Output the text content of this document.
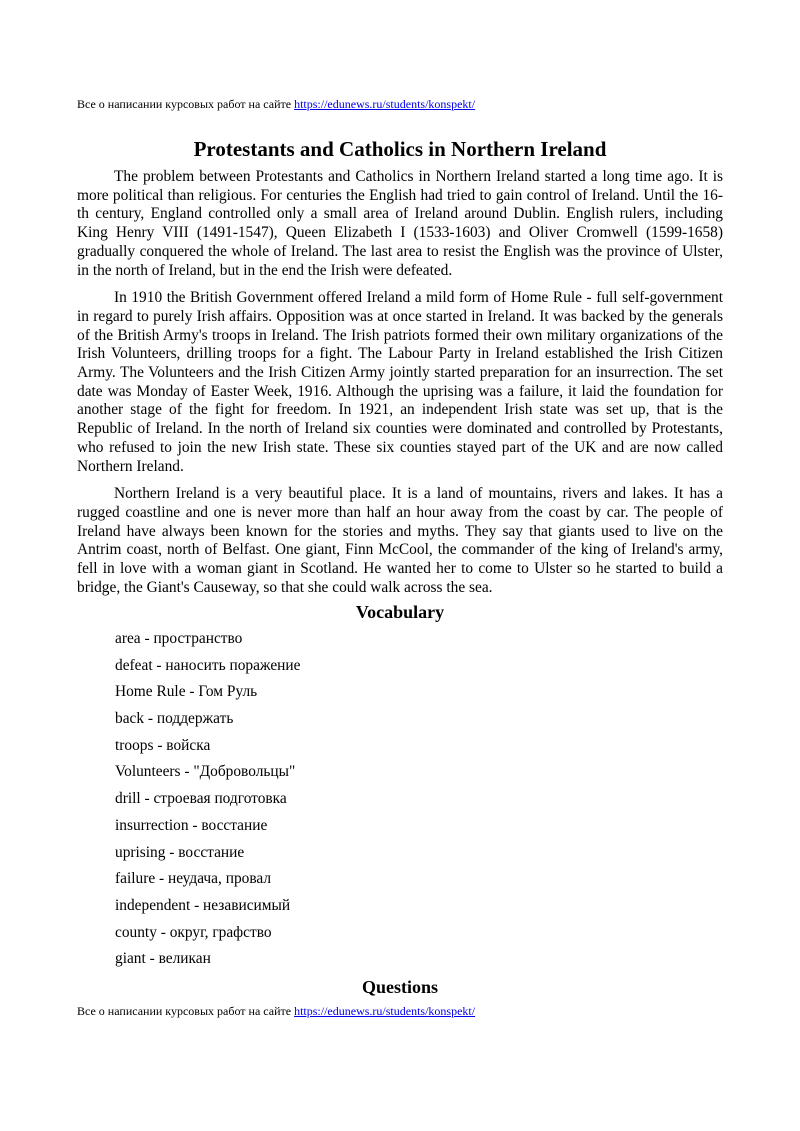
Все о написании курсовых работ на сайте https://edunews.ru/students/konspekt/
Protestants and Catholics in Northern Ireland

The problem between Protestants and Catholics in Northern Ireland started a long time ago. It is more political than religious. For centuries the English had tried to gain control of Ireland. Until the 16-th century, England controlled only a small area of Ireland around Dublin. English rulers, including King Henry VIII (1491-1547), Queen Elizabeth I (1533-1603) and Oliver Cromwell (1599-1658) gradually conquered the whole of Ireland. The last area to resist the English was the province of Ulster, in the north of Ireland, but in the end the Irish were defeated.

In 1910 the British Government offered Ireland a mild form of Home Rule - full self-government in regard to purely Irish affairs. Opposition was at once started in Ireland. It was backed by the generals of the British Army's troops in Ireland. The Irish patriots formed their own military organizations of the Irish Volunteers, drilling troops for a fight. The Labour Party in Ireland established the Irish Citizen Army. The Volunteers and the Irish Citizen Army jointly started preparation for an insurrection. The set date was Monday of Easter Week, 1916. Although the uprising was a failure, it laid the foundation for another stage of the fight for freedom. In 1921, an independent Irish state was set up, that is the Republic of Ireland. In the north of Ireland six counties were dominated and controlled by Protestants, who refused to join the new Irish state. These six counties stayed part of the UK and are now called Northern Ireland.

Northern Ireland is a very beautiful place. It is a land of mountains, rivers and lakes. It has a rugged coastline and one is never more than half an hour away from the coast by car. The people of Ireland have always been known for the stories and myths. They say that giants used to live on the Antrim coast, north of Belfast. One giant, Finn McCool, the commander of the king of Ireland's army, fell in love with a woman giant in Scotland. He wanted her to come to Ulster so he started to build a bridge, the Giant's Causeway, so that she could walk across the sea.

Vocabulary
area - пространство
defeat - наносить поражение
Home Rule - Гом Руль
back - поддержать
troops - войска
Volunteers - "Добровольцы"
drill - строевая подготовка
insurrection - восстание
uprising - восстание
failure - неудача, провал
independent - независимый
county - округ, графство
giant - великан
Questions
Все о написании курсовых работ на сайте https://edunews.ru/students/konspekt/
